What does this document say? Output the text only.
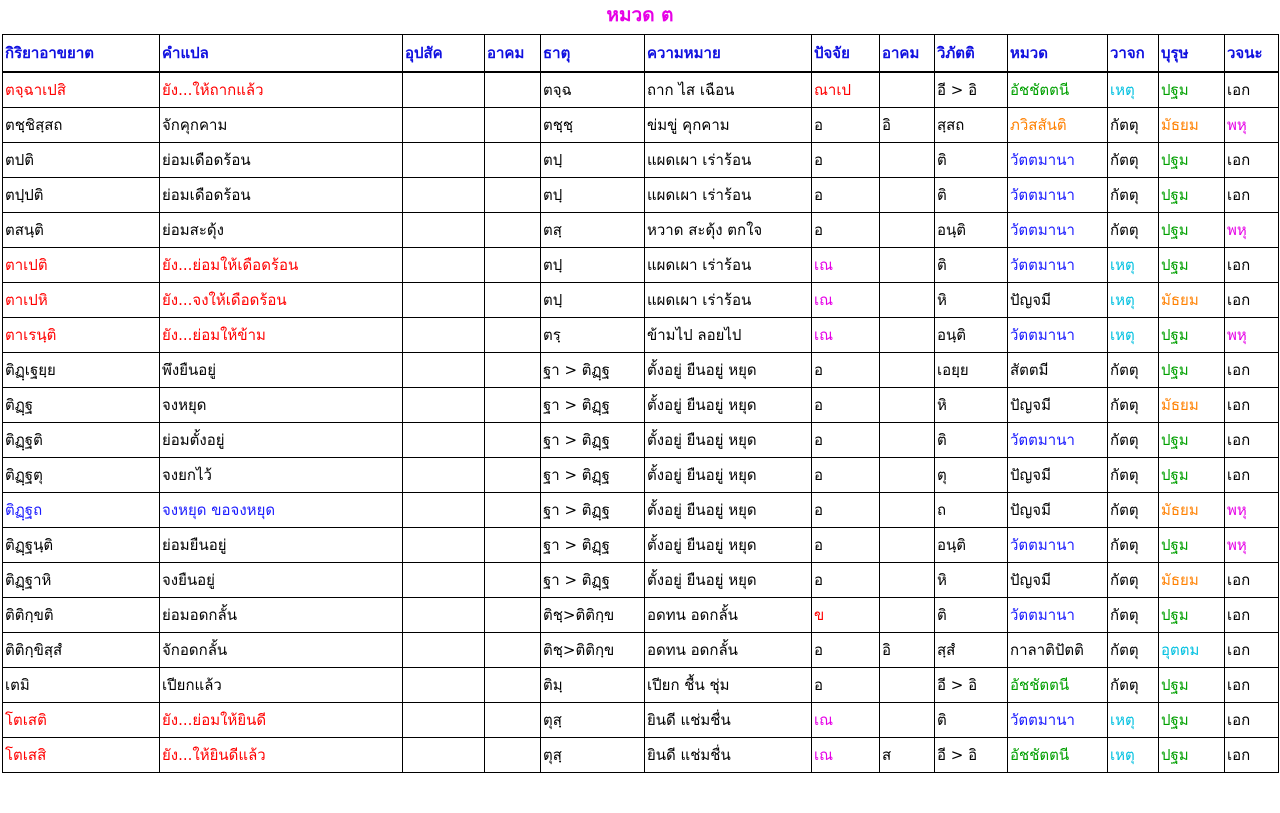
หมวด ต
กิริยาอาขยาต	คำแปล	อุปสัค	อาคม	ธาตุ	ความหมาย	ปัจจัย	อาคม	วิภัตติ	หมวด	วาจก	บุรุษ	วจนะ
ตจฺฉาเปสิ	ยัง...ให้ถากแล้ว			ตจฺฉ	ถาก ไส เฉือน	ณาเป		อี > อิ	อัชชัตตนี	เหตุ	ปฐม	เอก
ตชฺชิสฺสถ	จักคุกคาม			ตชฺชฺ	ข่มขู่ คุกคาม	อ	อิ	สฺสถ	ภวิสสันติ	กัตตุ	มัธยม	พหุ
ตปติ	ย่อมเดือดร้อน			ตปฺ	แผดเผา เร่าร้อน	อ		ติ	วัตตมานา	กัตตุ	ปฐม	เอก
ตปฺปติ	ย่อมเดือดร้อน			ตปฺ	แผดเผา เร่าร้อน	อ		ติ	วัตตมานา	กัตตุ	ปฐม	เอก
ตสนฺติ	ย่อมสะดุ้ง			ตสฺ	หวาด สะดุ้ง ตกใจ	อ		อนฺติ	วัตตมานา	กัตตุ	ปฐม	พหุ
ตาเปติ	ยัง...ย่อมให้เดือดร้อน			ตปฺ	แผดเผา เร่าร้อน	เณ		ติ	วัตตมานา	เหตุ	ปฐม	เอก
ตาเปหิ	ยัง...จงให้เดือดร้อน			ตปฺ	แผดเผา เร่าร้อน	เณ		หิ	ปัญจมี	เหตุ	มัธยม	เอก
ตาเรนฺติ	ยัง...ย่อมให้ข้าม			ตรฺ	ข้ามไป ลอยไป	เณ		อนฺติ	วัตตมานา	เหตุ	ปฐม	พหุ
ติฏฺเฐยฺย	พึงยืนอยู่			ฐา > ติฏฺฐ	ตั้งอยู่ ยืนอยู่ หยุด	อ		เอยฺย	สัตตมี	กัตตุ	ปฐม	เอก
ติฏฺฐ	จงหยุด			ฐา > ติฏฺฐ	ตั้งอยู่ ยืนอยู่ หยุด	อ		หิ	ปัญจมี	กัตตุ	มัธยม	เอก
ติฏฺฐติ	ย่อมตั้งอยู่			ฐา > ติฏฺฐ	ตั้งอยู่ ยืนอยู่ หยุด	อ		ติ	วัตตมานา	กัตตุ	ปฐม	เอก
ติฏฺฐตุ	จงยกไว้			ฐา > ติฏฺฐ	ตั้งอยู่ ยืนอยู่ หยุด	อ		ตุ	ปัญจมี	กัตตุ	ปฐม	เอก
ติฏฺฐถ	จงหยุด ขอจงหยุด			ฐา > ติฏฺฐ	ตั้งอยู่ ยืนอยู่ หยุด	อ		ถ	ปัญจมี	กัตตุ	มัธยม	พหุ
ติฏฺฐนฺติ	ย่อมยืนอยู่			ฐา > ติฏฺฐ	ตั้งอยู่ ยืนอยู่ หยุด	อ		อนฺติ	วัตตมานา	กัตตุ	ปฐม	พหุ
ติฏฺฐาหิ	จงยืนอยู่			ฐา > ติฏฺฐ	ตั้งอยู่ ยืนอยู่ หยุด	อ		หิ	ปัญจมี	กัตตุ	มัธยม	เอก
ติติกฺขติ	ย่อมอดกลั้น			ติชฺ>ติติกฺข	อดทน อดกลั้น	ข		ติ	วัตตมานา	กัตตุ	ปฐม	เอก
ติติกฺขิสฺสํ	จักอดกลั้น			ติชฺ>ติติกฺข	อดทน อดกลั้น	อ	อิ	สฺสํ	กาลาติปัตติ	กัตตุ	อุตตม	เอก
เตมิ	เปียกแล้ว			ติมฺ	เปียก ชื้น ชุ่ม	อ		อี > อิ	อัชชัตตนี	กัตตุ	ปฐม	เอก
โตเสติ	ยัง...ย่อมให้ยินดี			ตุสฺ	ยินดี แช่มชื่น	เณ		ติ	วัตตมานา	เหตุ	ปฐม	เอก
โตเสสิ	ยัง...ให้ยินดีแล้ว			ตุสฺ	ยินดี แช่มชื่น	เณ	ส	อี > อิ	อัชชัตตนี	เหตุ	ปฐม	เอก
